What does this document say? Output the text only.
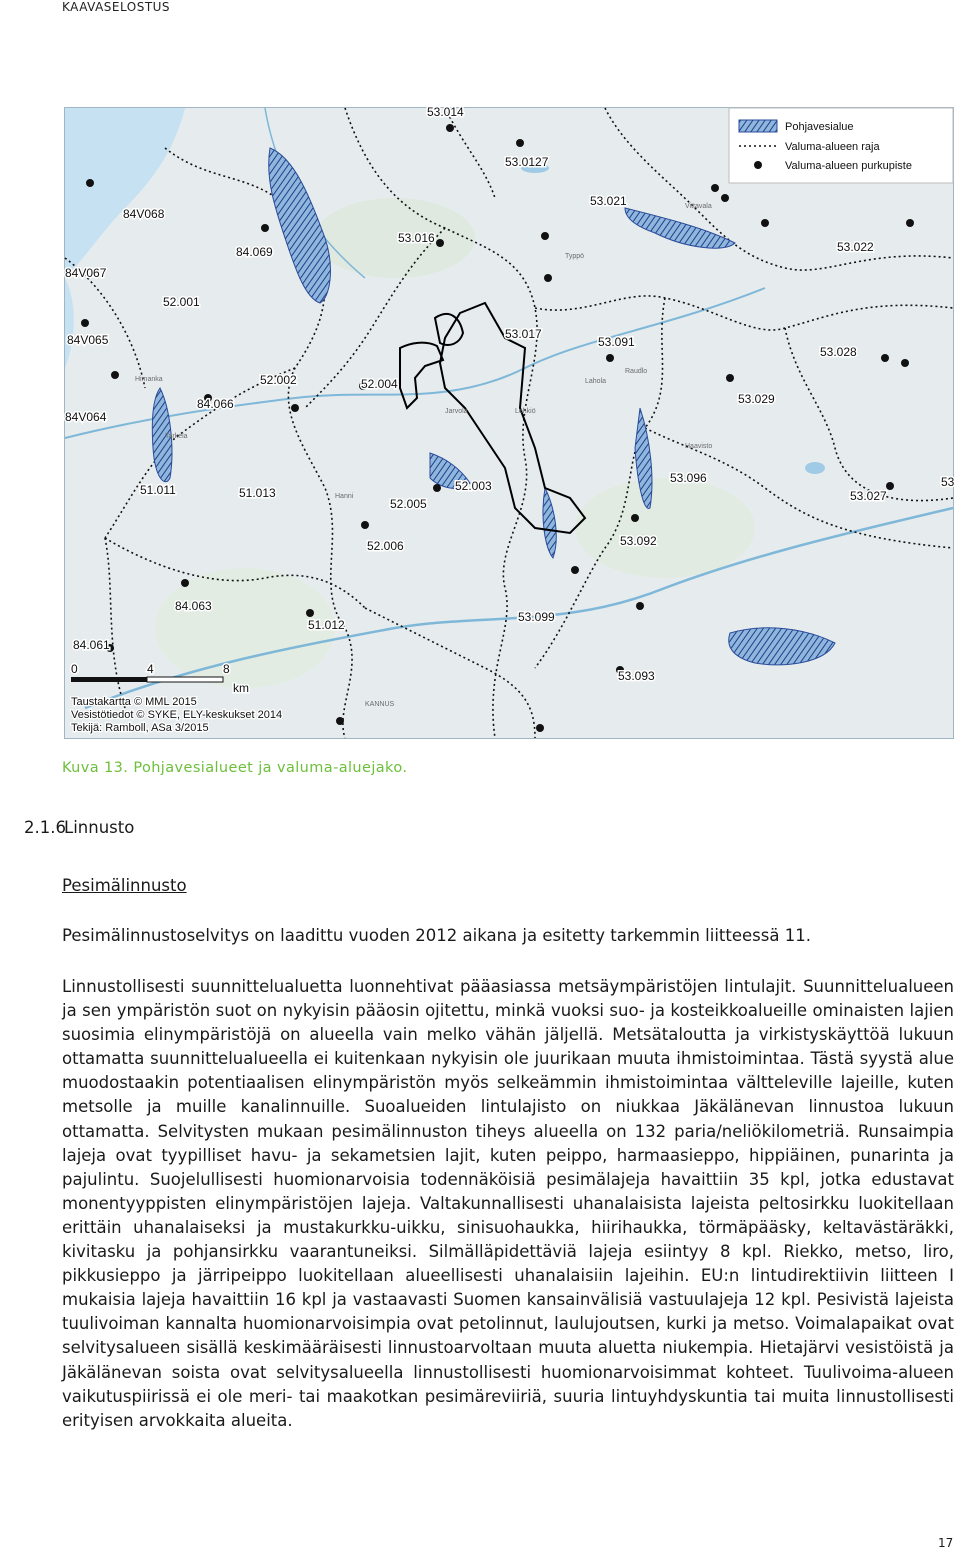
KAAVASELOSTUS
Himanka
KANNUS
Typpö
Raudlo
Vittavala
Lahola
Lehkiö
Jarvola
Hanni
Haavisto
Tarkela
53.014
53.0127
53.021
53.022
84V068
84V067
84V065
84V064
84.069
53.016
52.001
53.017
53.091
53.028
52.002	52.004
84.066	53.029
53.096
51.011	51.013	52.003
52.005
53.027
53.092
52.006
84.063
53.099
51.012
84.061
53.093
53
Pohjavesialue
Valuma-alueen raja
Valuma-alueen purkupiste
0	4	8
km
Taustakartta © MML 2015
Vesistötiedot © SYKE, ELY-keskukset 2014
Tekijä: Ramboll, ASa 3/2015
Kuva 13. Pohjavesialueet ja valuma-aluejako.
2.1.6Linnusto
Pesimälinnusto
Pesimälinnustoselvitys on laadittu vuoden 2012 aikana ja esitetty tarkemmin liitteessä 11.
Linnustollisesti suunnittelualuetta luonnehtivat pääasiassa metsäympäristöjen lintulajit. Suunnittelualueen ja sen ympäristön suot on nykyisin pääosin ojitettu, minkä vuoksi suo- ja kosteikkoalueille ominaisten lajien suosimia elinympäristöjä on alueella vain melko vähän jäljellä. Metsätaloutta ja virkistyskäyttöä lukuun ottamatta suunnittelualueella ei kuitenkaan nykyisin ole juurikaan muuta ihmistoimintaa. Tästä syystä alue muodostaakin potentiaalisen elinympäristön myös selkeämmin ihmistoimintaa vältteleville lajeille, kuten metsolle ja muille kanalinnuille. Suoalueiden lintulajisto on niukkaa Jäkälänevan linnustoa lukuun ottamatta. Selvitysten mukaan pesimälinnuston tiheys alueella on 132 paria/neliökilometriä. Runsaimpia lajeja ovat tyypilliset havu- ja sekametsien lajit, kuten peippo, harmaasieppo, hippiäinen, punarinta ja pajulintu. Suojelullisesti huomionarvoisia todennäköisiä pesimälajeja havaittiin 35 kpl, jotka edustavat monentyyppisten elinympäristöjen lajeja. Valtakunnallisesti uhanalaisista lajeista peltosirkku luokitellaan erittäin uhanalaiseksi ja mustakurkku-uikku, sinisuohaukka, hiirihaukka, törmäpääsky, keltavästäräkki, kivitasku ja pohjansirkku vaarantuneiksi. Silmälläpidettäviä lajeja esiintyy 8 kpl. Riekko, metso, liro, pikkusieppo ja järripeippo luokitellaan alueellisesti uhanalaisiin lajeihin. EU:n lintudirektiivin liitteen I mukaisia lajeja havaittiin 16 kpl ja vastaavasti Suomen kansainvälisiä vastuulajeja 12 kpl. Pesivistä lajeista tuulivoiman kannalta huomionarvoisimpia ovat petolinnut, laulujoutsen, kurki ja metso. Voimalapaikat ovat selvitysalueen sisällä keskimääräisesti linnustoarvoltaan muuta aluetta niukempia. Hietajärvi vesistöistä ja Jäkälänevan soista ovat selvitysalueella linnustollisesti huomionarvoisimmat kohteet. Tuulivoima-alueen vaikutuspiirissä ei ole meri- tai maakotkan pesimäreviiriä, suuria lintuyhdyskuntia tai muita linnustollisesti erityisen arvokkaita alueita.
17
